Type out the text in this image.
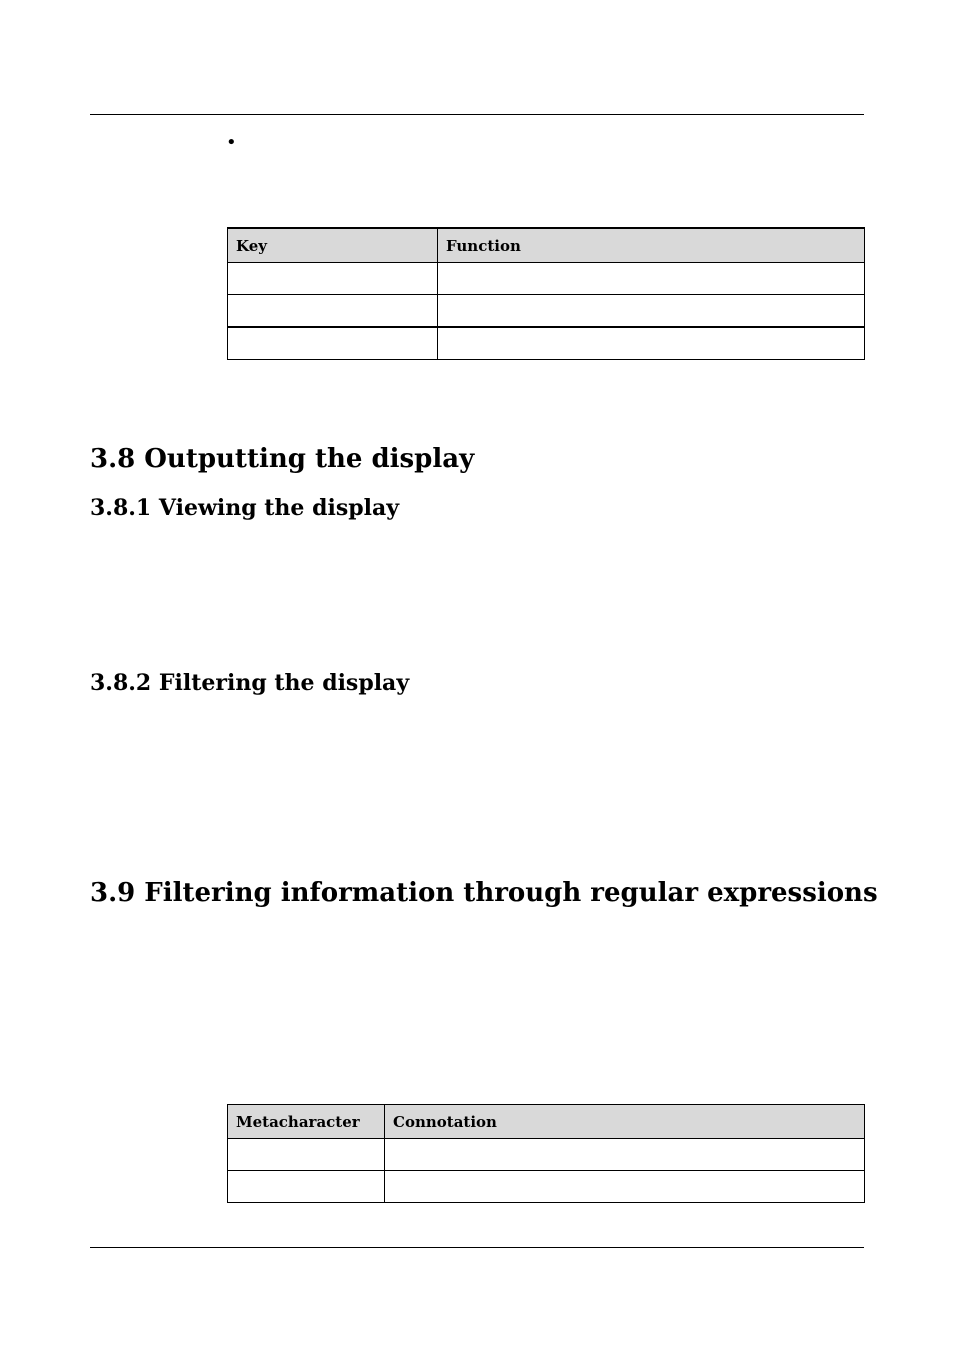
•
Key	Function

3.8 Outputting the display
3.8.1 Viewing the display
3.8.2 Filtering the display
3.9 Filtering information through regular expressions
Metacharacter	Connotation
